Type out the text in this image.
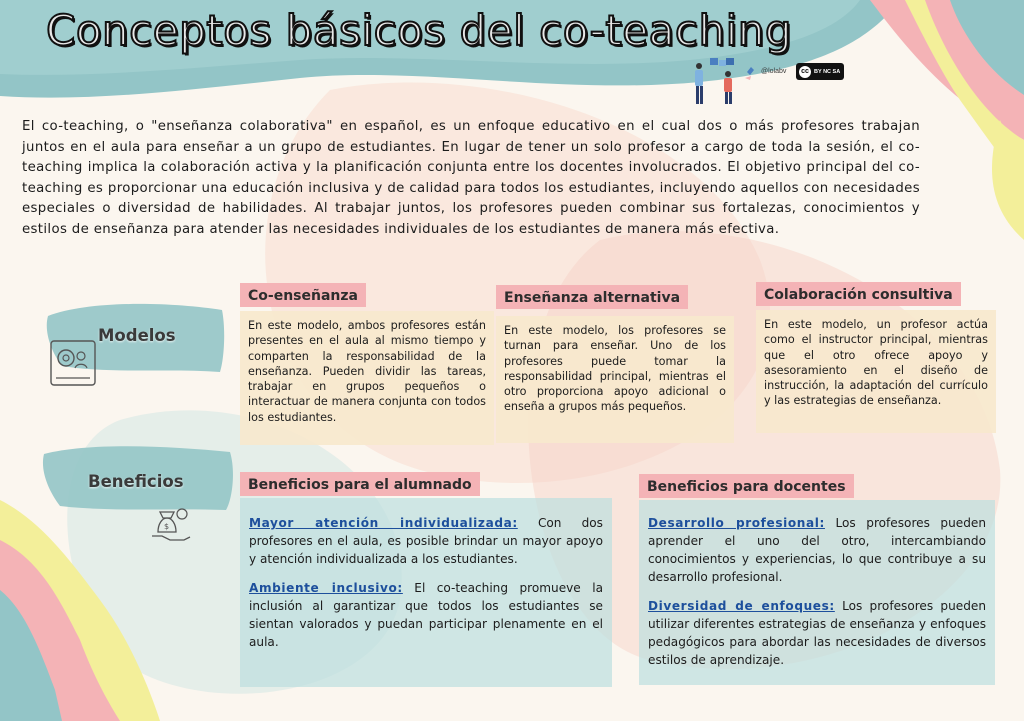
Conceptos básicos del co-teaching
@lolabv cc BY NC SA
El co-teaching, o "enseñanza colaborativa" en español, es un enfoque educativo en el cual dos o más profesores trabajan juntos en el aula para enseñar a un grupo de estudiantes. En lugar de tener un solo profesor a cargo de toda la sesión, el co-teaching implica la colaboración activa y la planificación conjunta entre los docentes involucrados. El objetivo principal del co-teaching es proporcionar una educación inclusiva y de calidad para todos los estudiantes, incluyendo aquellos con necesidades especiales o diversidad de habilidades. Al trabajar juntos, los profesores pueden combinar sus fortalezas, conocimientos y estilos de enseñanza para atender las necesidades individuales de los estudiantes de manera más efectiva.
Modelos
Co-enseñanza
En este modelo, ambos profesores están presentes en el aula al mismo tiempo y comparten la responsabilidad de la enseñanza. Pueden dividir las tareas, trabajar en grupos pequeños o interactuar de manera conjunta con todos los estudiantes.
Enseñanza alternativa
En este modelo, los profesores se turnan para enseñar. Uno de los profesores puede tomar la responsabilidad principal, mientras el otro proporciona apoyo adicional o enseña a grupos más pequeños.
Colaboración consultiva
En este modelo, un profesor actúa como el instructor principal, mientras que el otro ofrece apoyo y asesoramiento en el diseño de instrucción, la adaptación del currículo y las estrategias de enseñanza.
Beneficios
$
Beneficios para el alumnado

Mayor atención individualizada: Con dos profesores en el aula, es posible brindar un mayor apoyo y atención individualizada a los estudiantes.

Ambiente inclusivo: El co-teaching promueve la inclusión al garantizar que todos los estudiantes se sientan valorados y puedan participar plenamente en el aula.

Beneficios para docentes

Desarrollo profesional: Los profesores pueden aprender el uno del otro, intercambiando conocimientos y experiencias, lo que contribuye a su desarrollo profesional.

Diversidad de enfoques: Los profesores pueden utilizar diferentes estrategias de enseñanza y enfoques pedagógicos para abordar las necesidades de diversos estilos de aprendizaje.
